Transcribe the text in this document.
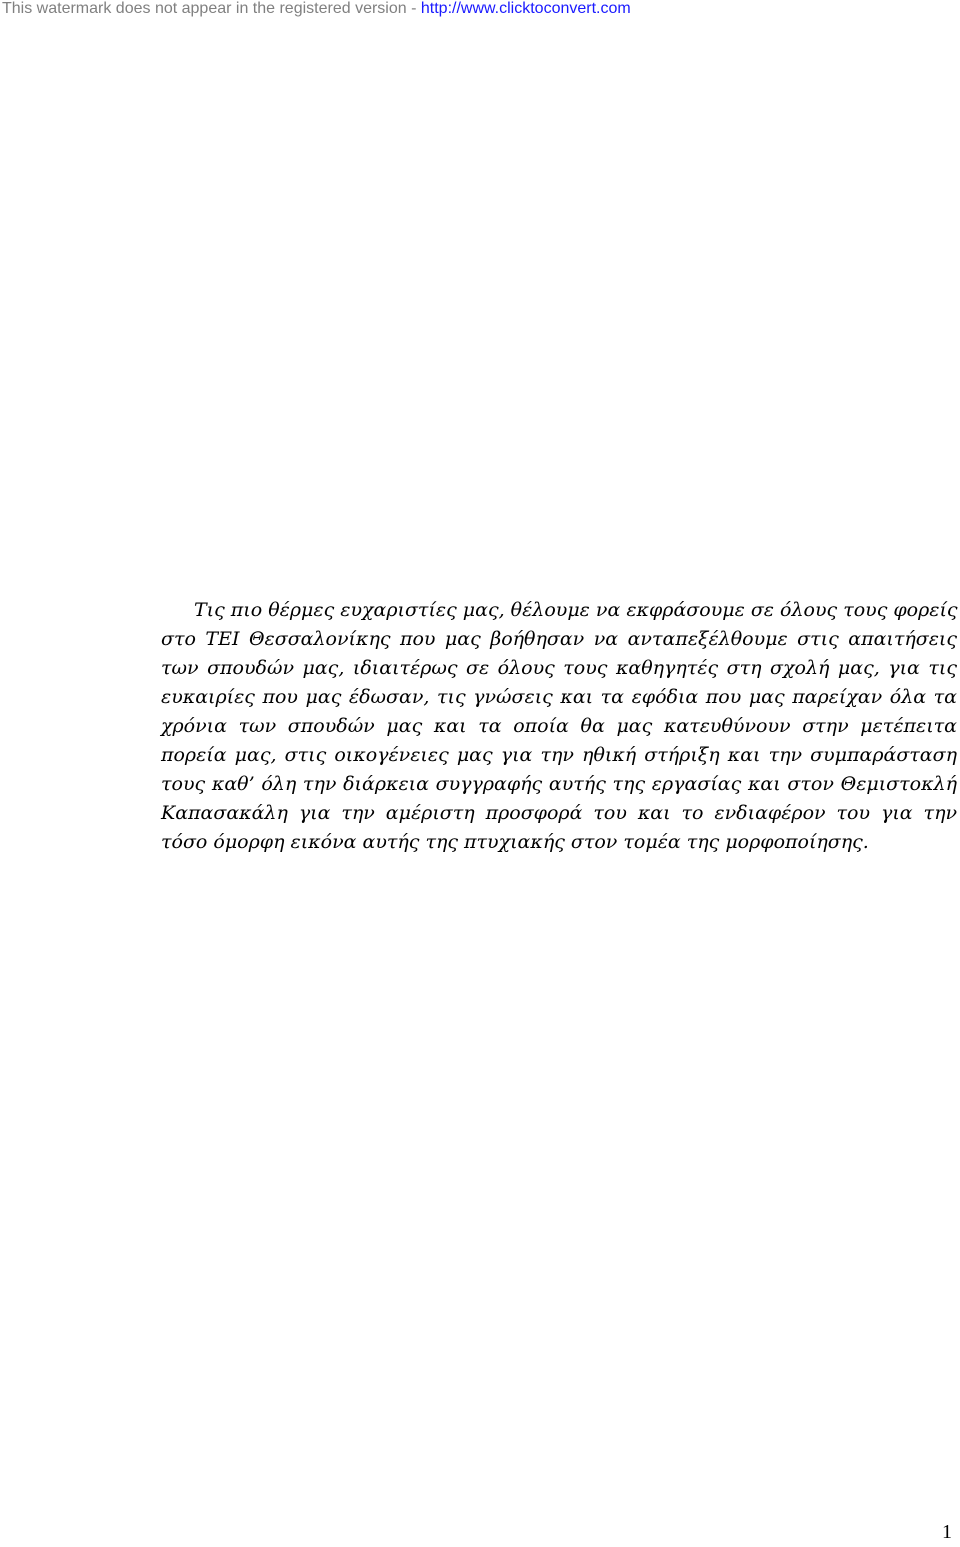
This watermark does not appear in the registered version - http://www.clicktoconvert.com
Τις πιο θέρμες ευχαριστίες μας, θέλουμε να εκφράσουμε σε όλους τους φορείς
στο ΤΕΙ Θεσσαλονίκης που μας βοήθησαν να ανταπεξέλθουμε στις απαιτήσεις
των σπουδών μας, ιδιαιτέρως σε όλους τους καθηγητές στη σχολή μας, για τις
ευκαιρίες που μας έδωσαν, τις γνώσεις και τα εφόδια που μας παρείχαν όλα τα
χρόνια των σπουδών μας και τα οποία θα μας κατευθύνουν στην μετέπειτα
πορεία μας, στις οικογένειες μας για την ηθική στήριξη και την συμπαράσταση
τους καθ’ όλη την διάρκεια συγγραφής αυτής της εργασίας και στον Θεμιστοκλή
Καπασακάλη για την αμέριστη προσφορά του και το ενδιαφέρον του για την
τόσο όμορφη εικόνα αυτής της πτυχιακής στον τομέα της μορφοποίησης.
1
